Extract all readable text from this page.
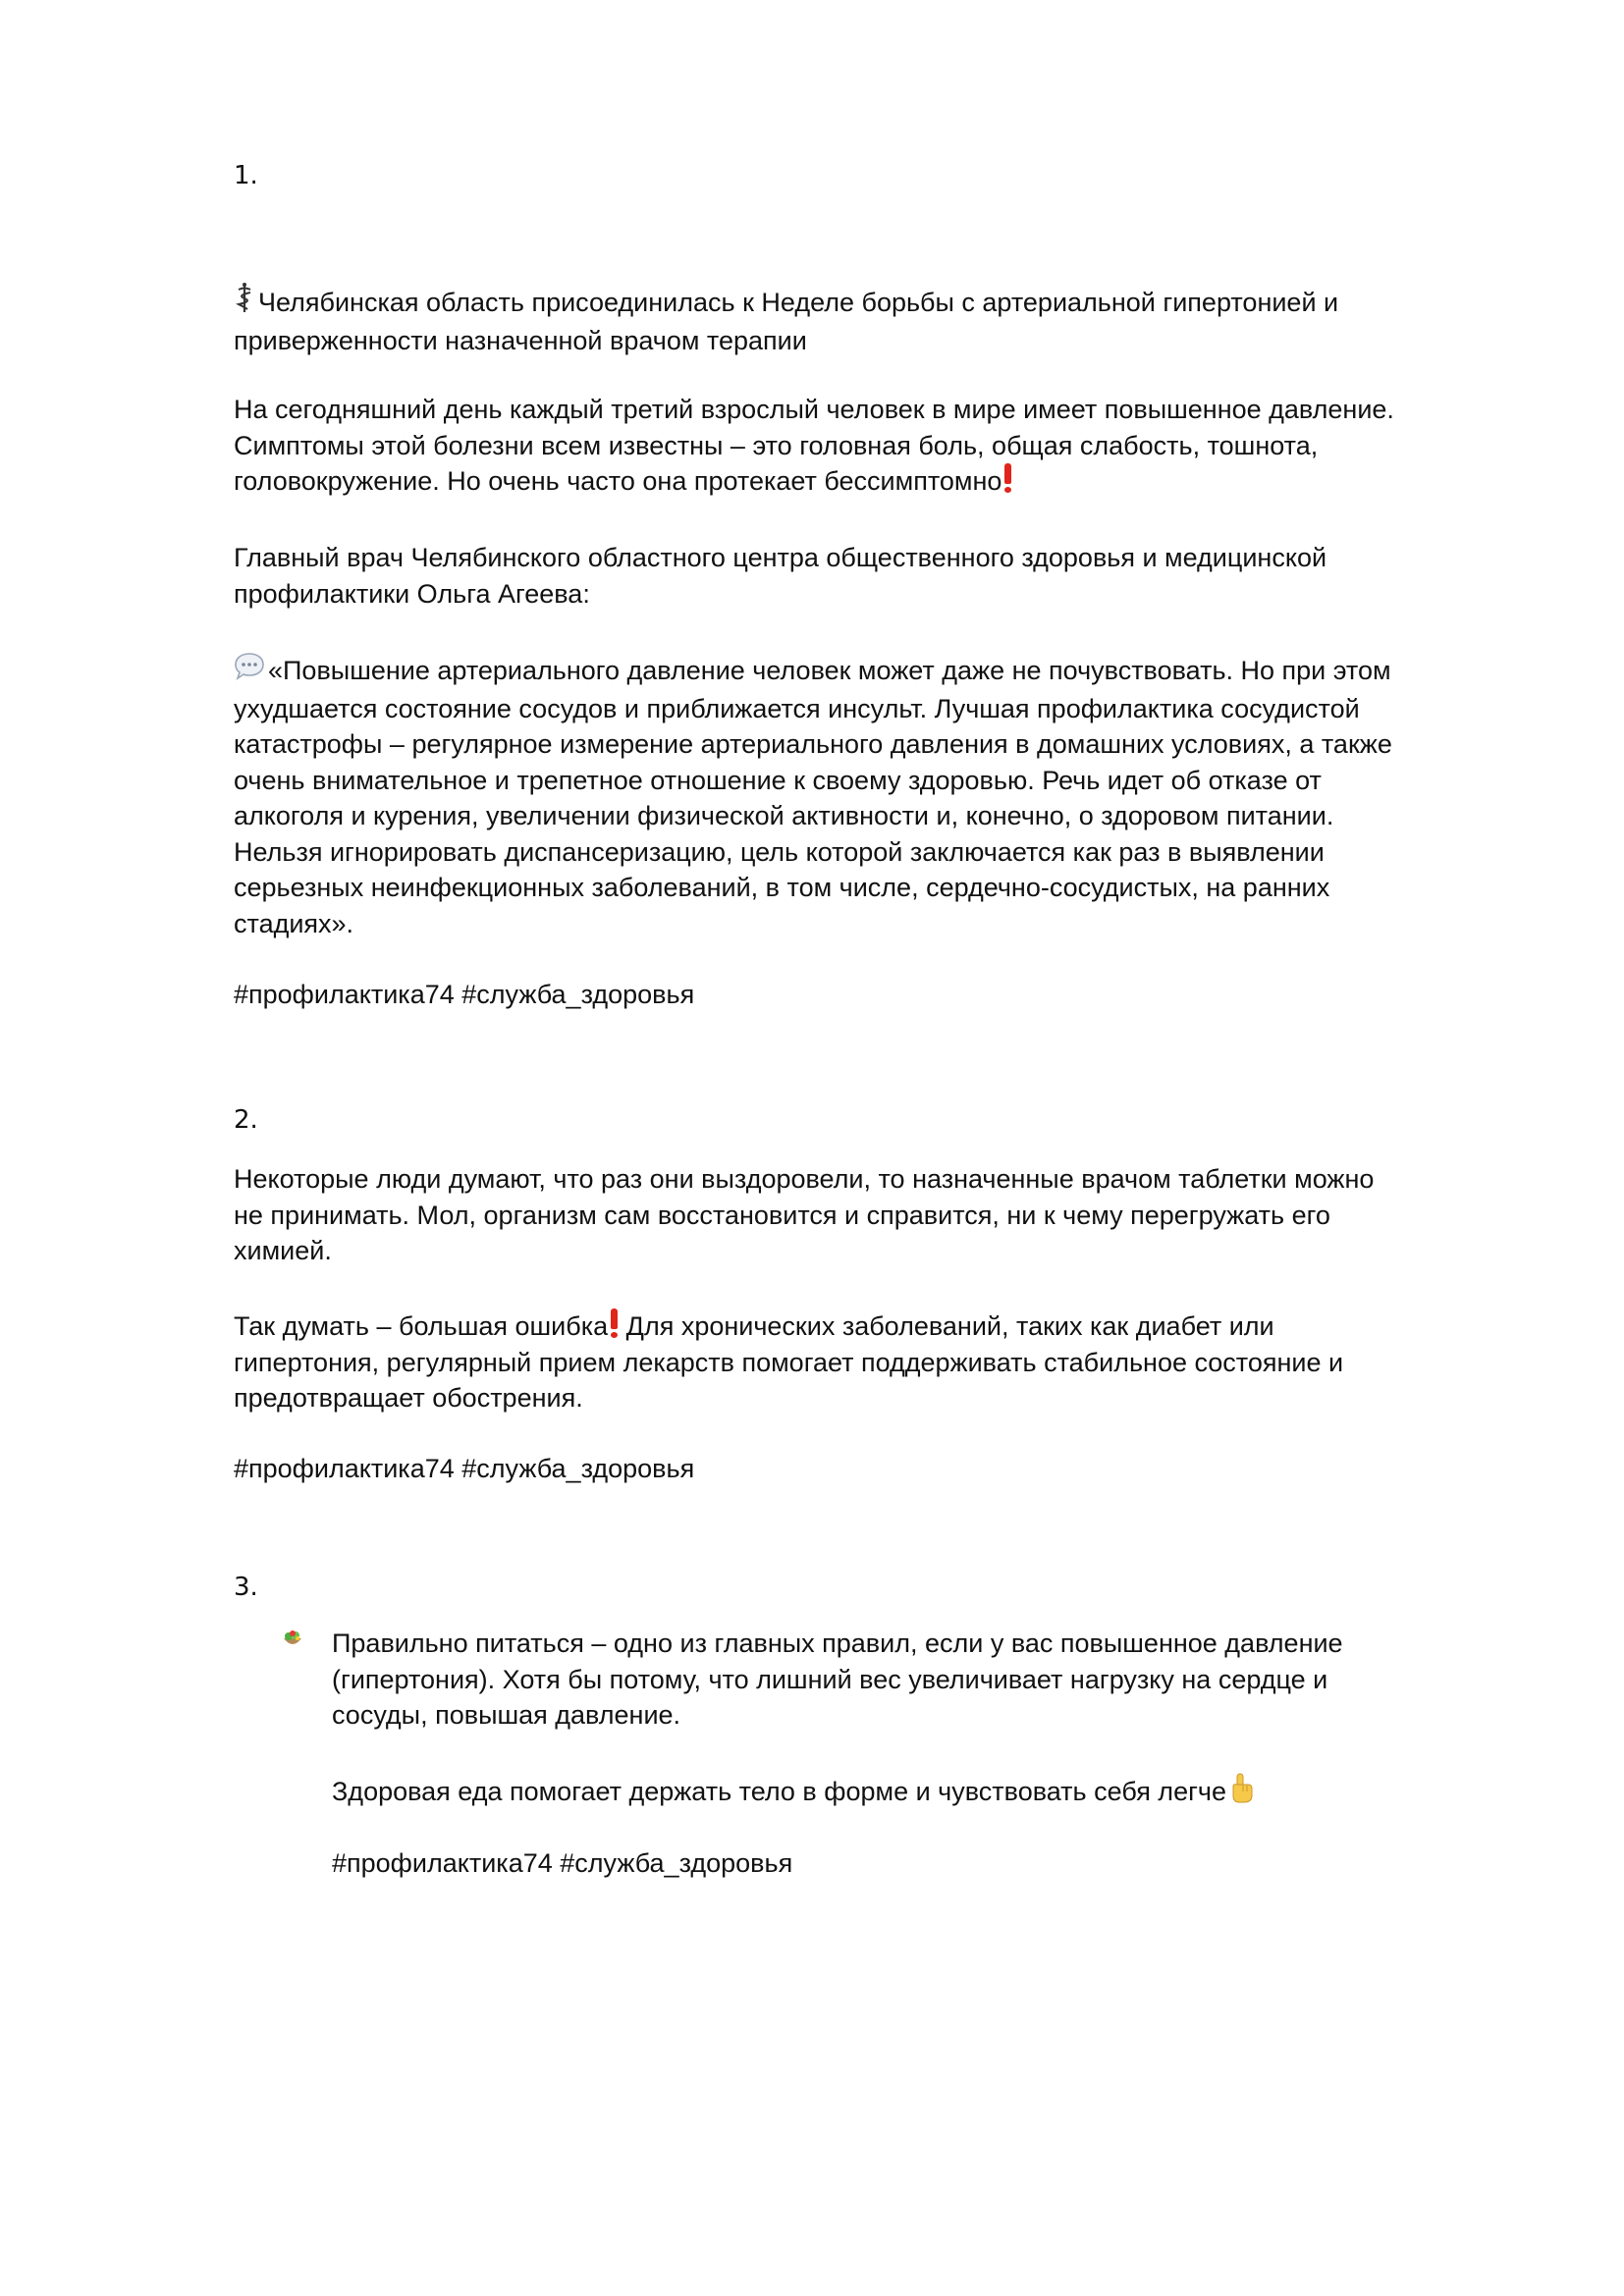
1.

Челябинская область присоединилась к Неделе борьбы с артериальной гипертонией и

приверженности назначенной врачом терапии

На сегодняшний день каждый третий взрослый человек в мире имеет повышенное давление.

Симптомы этой болезни всем известны – это головная боль, общая слабость, тошнота,

головокружение. Но очень часто она протекает бессимптомно

Главный врач Челябинского областного центра общественного здоровья и медицинской

профилактики Ольга Агеева:

«Повышение артериального давление человек может даже не почувствовать. Но при этом

ухудшается состояние сосудов и приближается инсульт. Лучшая профилактика сосудистой

катастрофы – регулярное измерение артериального давления в домашних условиях, а также

очень внимательное и трепетное отношение к своему здоровью. Речь идет об отказе от

алкоголя и курения, увеличении физической активности и, конечно, о здоровом питании.

Нельзя игнорировать диспансеризацию, цель которой заключается как раз в выявлении

серьезных неинфекционных заболеваний, в том числе, сердечно-сосудистых, на ранних

стадиях».

#профилактика74 #служба_здоровья
2.

Некоторые люди думают, что раз они выздоровели, то назначенные врачом таблетки можно

не принимать. Мол, организм сам восстановится и справится, ни к чему перегружать его

химией.

Так думать – большая ошибка Для хронических заболеваний, таких как диабет или

гипертония, регулярный прием лекарств помогает поддерживать стабильное состояние и

предотвращает обострения.

#профилактика74 #служба_здоровья
3.

Правильно питаться – одно из главных правил, если у вас повышенное давление

(гипертония). Хотя бы потому, что лишний вес увеличивает нагрузку на сердце и

сосуды, повышая давление.

Здоровая еда помогает держать тело в форме и чувствовать себя легче

#профилактика74 #служба_здоровья
